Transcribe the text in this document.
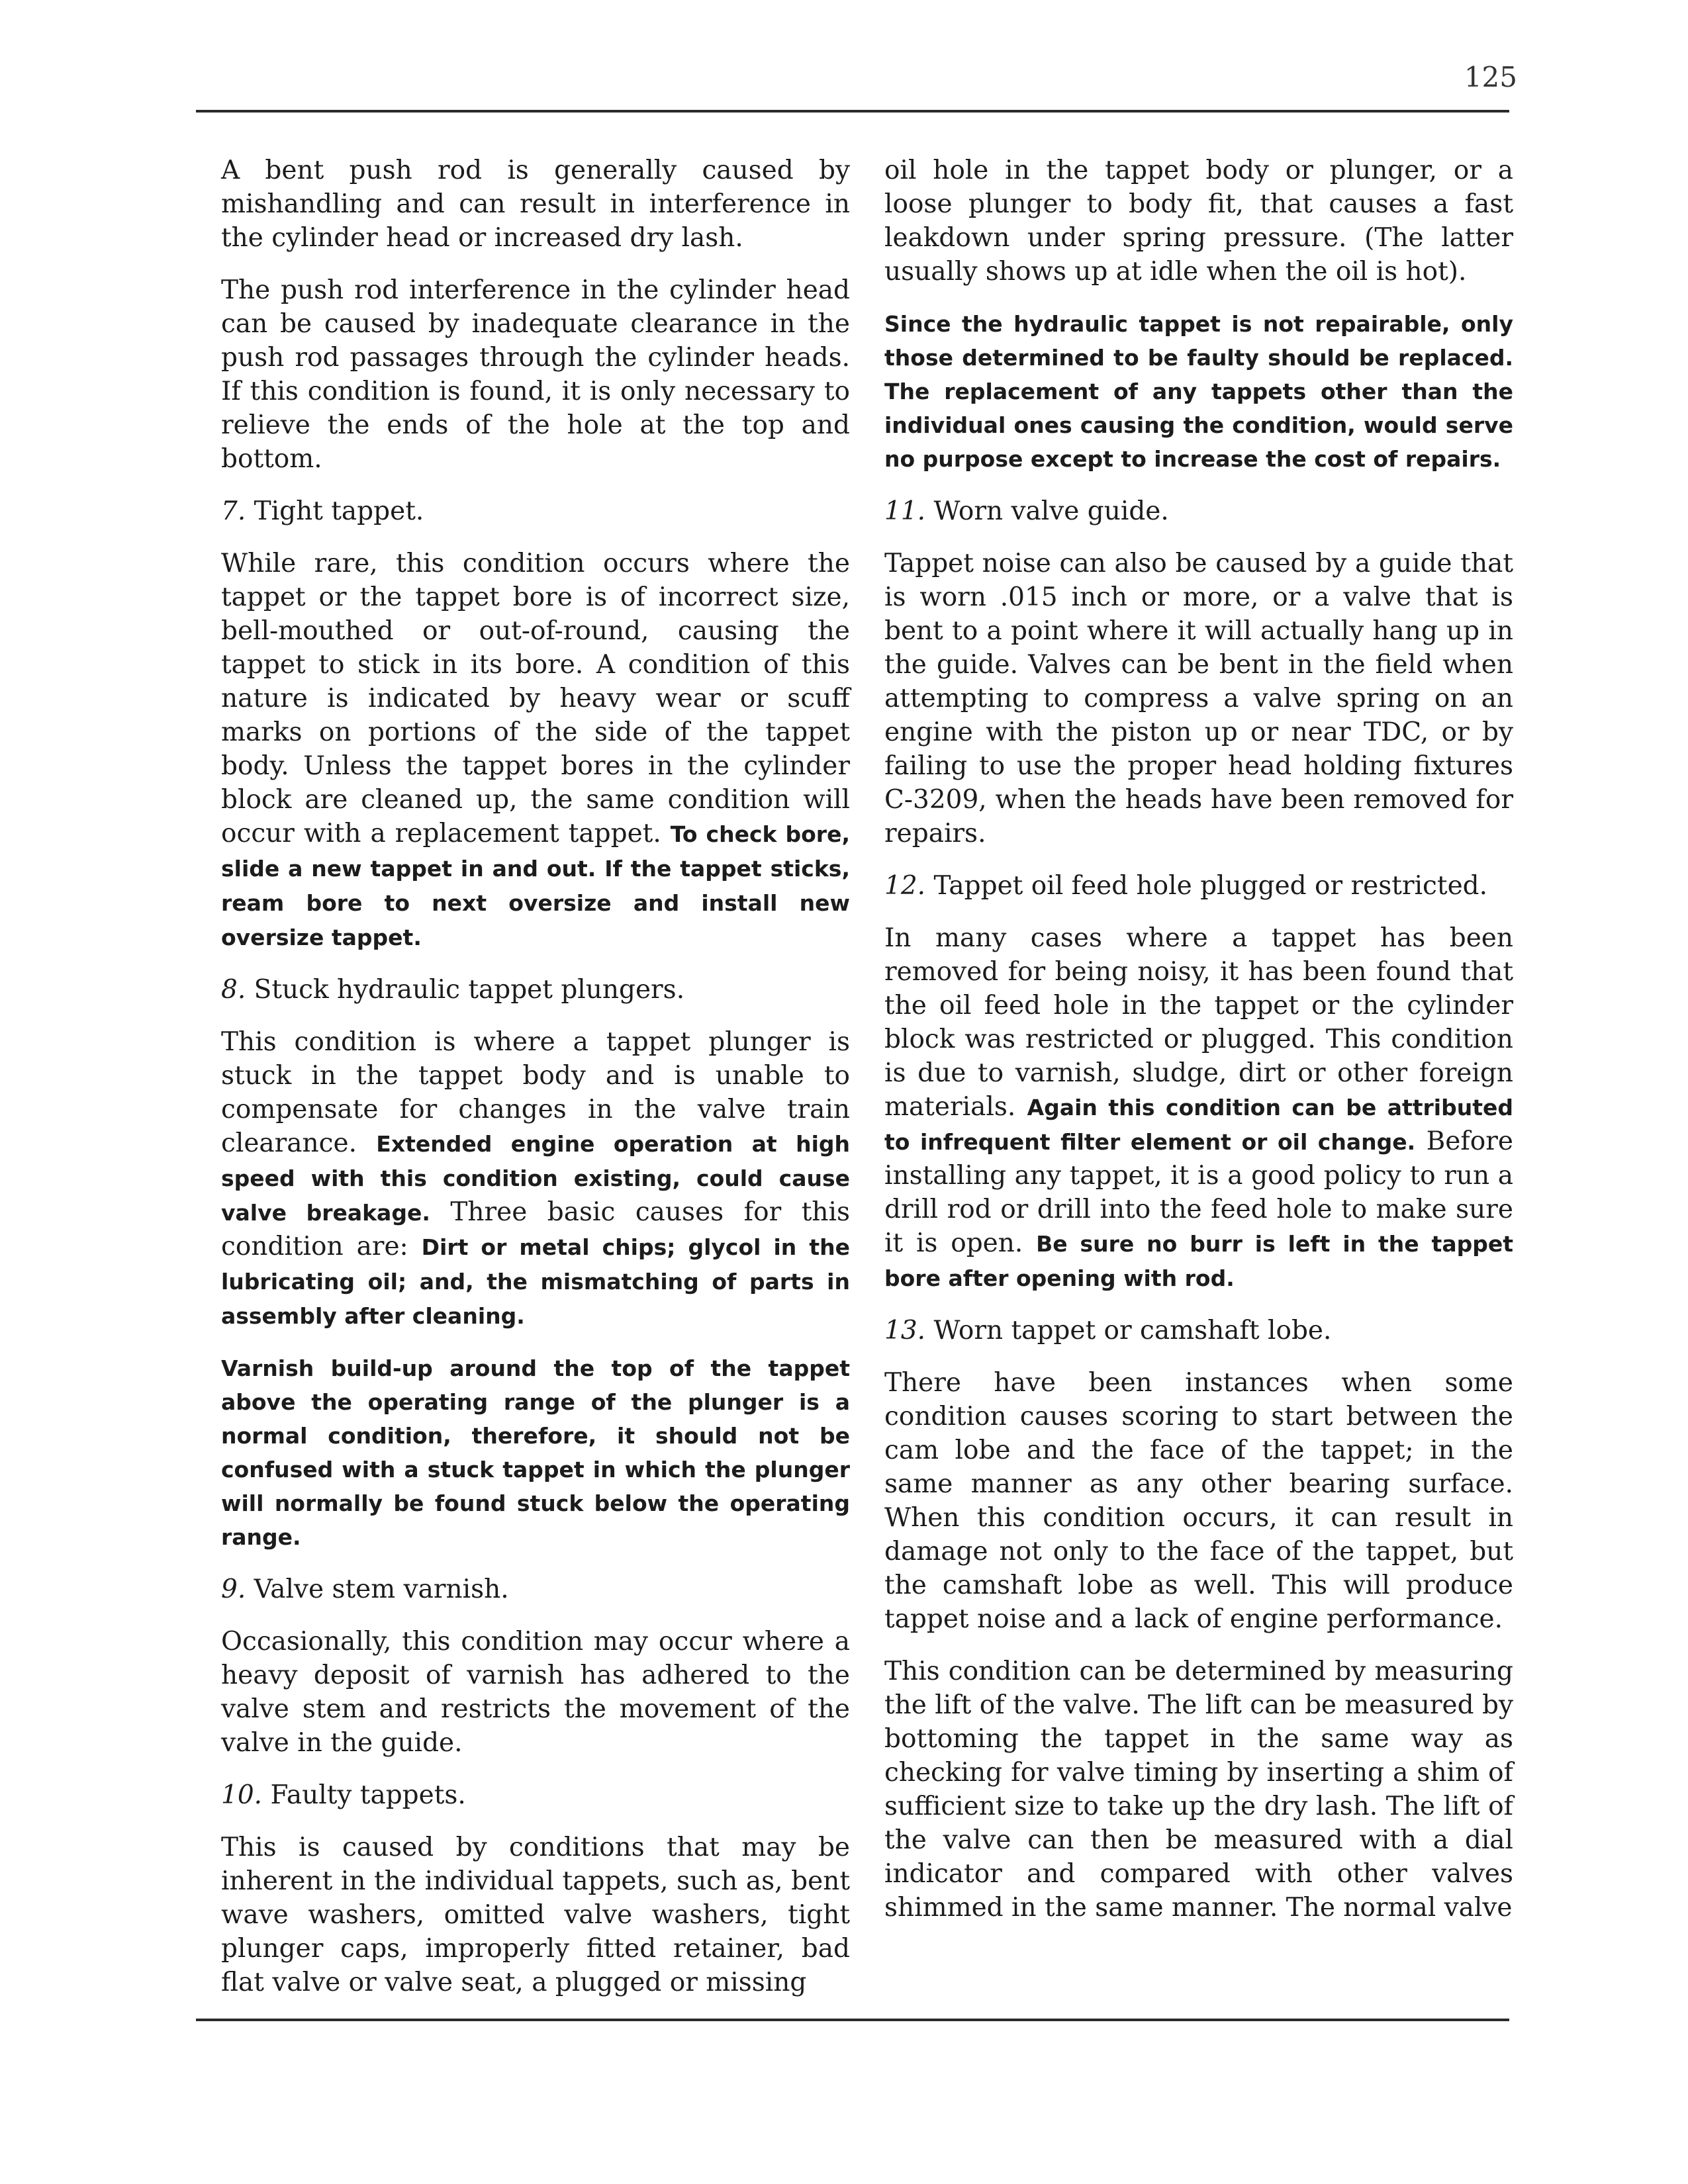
125

A bent push rod is generally caused by mishandling and can result in interference in the cylinder head or increased dry lash.

The push rod interference in the cylinder head can be caused by inadequate clearance in the push rod passages through the cylinder heads. If this condition is found, it is only necessary to relieve the ends of the hole at the top and bottom.

7. Tight tappet.

While rare, this condition occurs where the tappet or the tappet bore is of incorrect size, bell-mouthed or out-of-round, causing the tappet to stick in its bore. A condition of this nature is indicated by heavy wear or scuff marks on portions of the side of the tappet body. Unless the tappet bores in the cylinder block are cleaned up, the same condition will occur with a replacement tappet. To check bore, slide a new tappet in and out. If the tappet sticks, ream bore to next oversize and install new oversize tappet.

8. Stuck hydraulic tappet plungers.

This condition is where a tappet plunger is stuck in the tappet body and is unable to compensate for changes in the valve train clearance. Extended engine operation at high speed with this condition existing, could cause valve breakage. Three basic causes for this condition are: Dirt or metal chips; glycol in the lubricating oil; and, the mismatching of parts in assembly after cleaning.

Varnish build-up around the top of the tappet above the operating range of the plunger is a normal condition, therefore, it should not be confused with a stuck tappet in which the plunger will normally be found stuck below the operating range.

9. Valve stem varnish.

Occasionally, this condition may occur where a heavy deposit of varnish has adhered to the valve stem and restricts the movement of the valve in the guide.

10. Faulty tappets.

This is caused by conditions that may be inherent in the individual tappets, such as, bent wave washers, omitted valve washers, tight plunger caps, improperly fitted retainer, bad flat valve or valve seat, a plugged or missing

oil hole in the tappet body or plunger, or a loose plunger to body fit, that causes a fast leakdown under spring pressure. (The latter usually shows up at idle when the oil is hot).

Since the hydraulic tappet is not repairable, only those determined to be faulty should be replaced. The replacement of any tappets other than the individual ones causing the condition, would serve no purpose except to increase the cost of repairs.

11. Worn valve guide.

Tappet noise can also be caused by a guide that is worn .015 inch or more, or a valve that is bent to a point where it will actually hang up in the guide. Valves can be bent in the field when attempting to compress a valve spring on an engine with the piston up or near TDC, or by failing to use the proper head holding fixtures C-3209, when the heads have been removed for repairs.

12. Tappet oil feed hole plugged or restricted.

In many cases where a tappet has been removed for being noisy, it has been found that the oil feed hole in the tappet or the cylinder block was restricted or plugged. This condition is due to varnish, sludge, dirt or other foreign materials. Again this condition can be attributed to infrequent filter element or oil change. Before installing any tappet, it is a good policy to run a drill rod or drill into the feed hole to make sure it is open. Be sure no burr is left in the tappet bore after opening with rod.

13. Worn tappet or camshaft lobe.

There have been instances when some condition causes scoring to start between the cam lobe and the face of the tappet; in the same manner as any other bearing surface. When this condition occurs, it can result in damage not only to the face of the tappet, but the camshaft lobe as well. This will produce tappet noise and a lack of engine performance.

This condition can be determined by measuring the lift of the valve. The lift can be measured by bottoming the tappet in the same way as checking for valve timing by inserting a shim of sufficient size to take up the dry lash. The lift of the valve can then be measured with a dial indicator and compared with other valves shimmed in the same manner. The normal valve
